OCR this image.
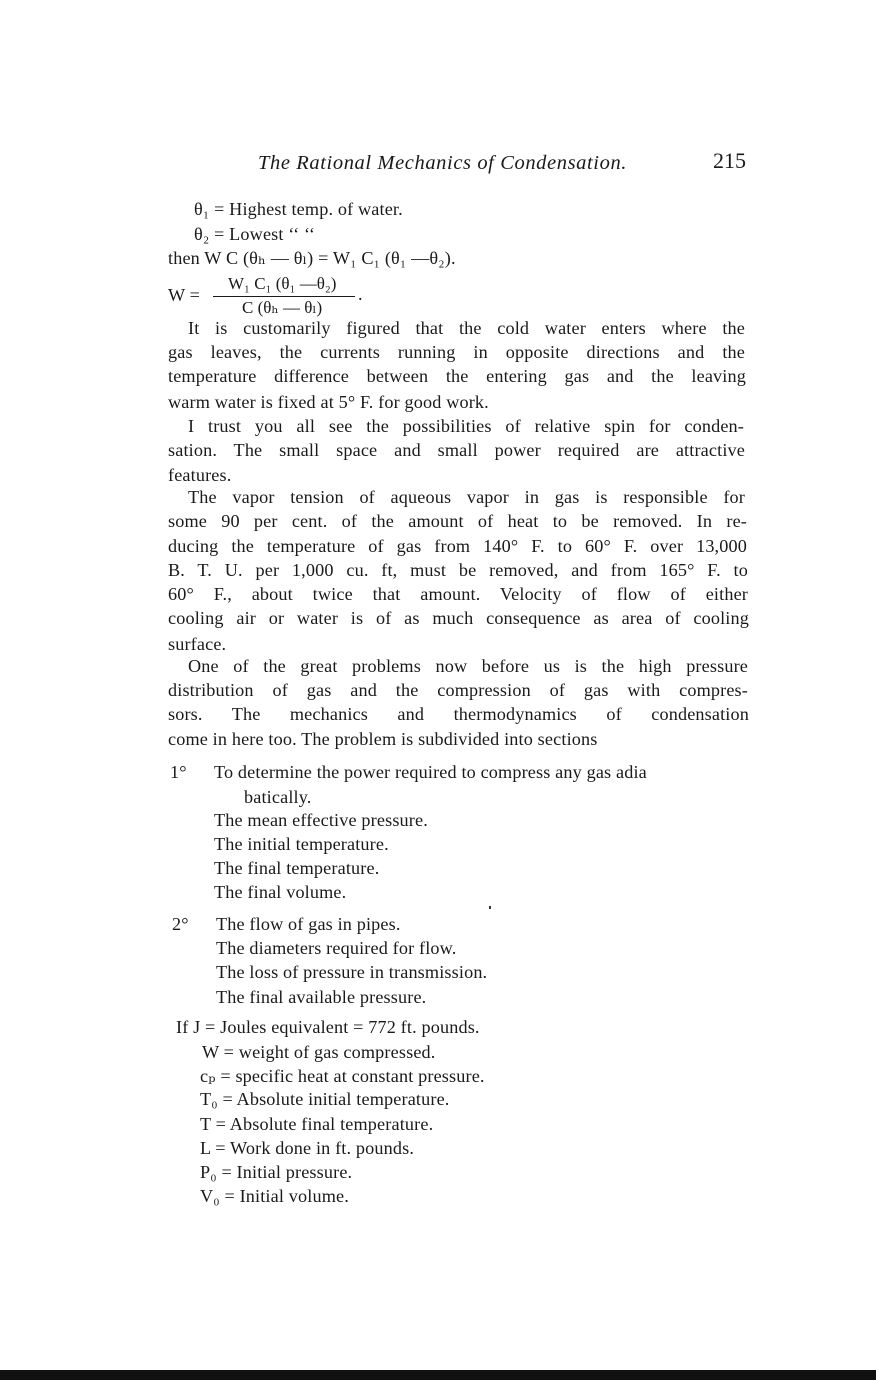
The Rational Mechanics of Condensation.	215
θ₁ = Highest temp. of water.
θ₂ = Lowest ‘‘ ‘‘
then W C (θₕ — θₗ) = W₁ C₁ (θ₁ —θ₂).
W =
W₁ C₁ (θ₁ —θ₂)
C (θₕ — θₗ)
.
It is customarily figured that the cold water enters where the
gas leaves, the currents running in opposite directions and the
temperature difference between the entering gas and the leaving
warm water is fixed at 5° F. for good work.
I trust you all see the possibilities of relative spin for conden-
sation. The small space and small power required are attractive
features.
The vapor tension of aqueous vapor in gas is responsible for
some 90 per cent. of the amount of heat to be removed. In re-
ducing the temperature of gas from 140° F. to 60° F. over 13,000
B. T. U. per 1,000 cu. ft, must be removed, and from 165° F. to
60° F., about twice that amount. Velocity of flow of either
cooling air or water is of as much consequence as area of cooling
surface.
One of the great problems now before us is the high pressure
distribution of gas and the compression of gas with compres-
sors. The mechanics and thermodynamics of condensation
come in here too. The problem is subdivided into sections
1° To determine the power required to compress any gas adia
batically.
The mean effective pressure.
The initial temperature.
The final temperature.
The final volume.
2° The flow of gas in pipes.
The diameters required for flow.
The loss of pressure in transmission.
The final available pressure.
If J = Joules equivalent = 772 ft. pounds.
W = weight of gas compressed.
cₚ = specific heat at constant pressure.
T₀ = Absolute initial temperature.
T = Absolute final temperature.
L = Work done in ft. pounds.
P₀ = Initial pressure.
V₀ = Initial volume.
